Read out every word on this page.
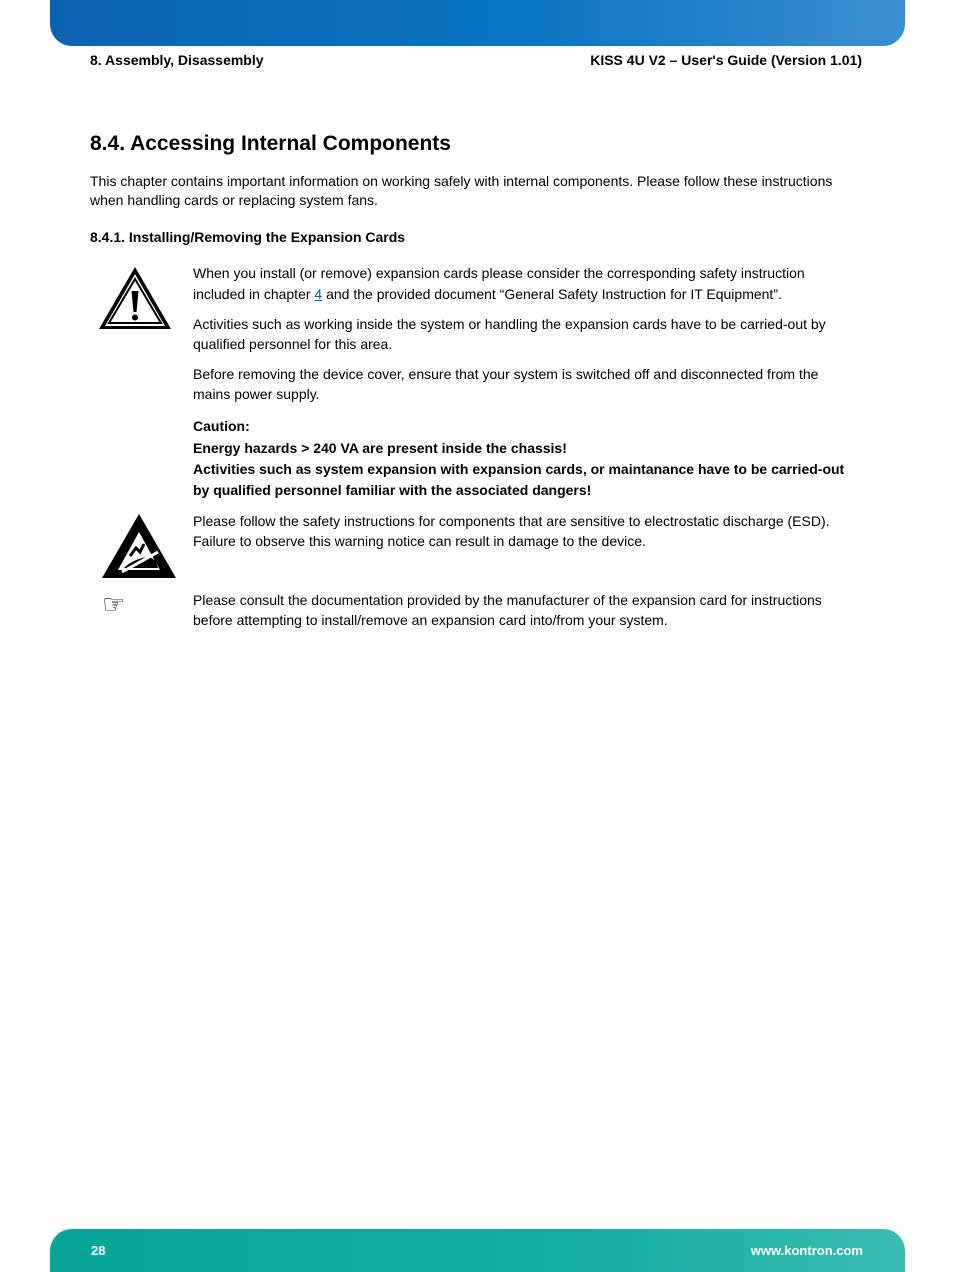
8. Assembly, Disassembly	KISS 4U V2 – User's Guide (Version 1.01)
8.4. Accessing Internal Components

This chapter contains important information on working safely with internal components. Please follow these instructions when handling cards or replacing system fans.

8.4.1. Installing/Removing the Expansion Cards
When you install (or remove) expansion cards please consider the corresponding safety instruction included in chapter 4 and the provided document “General Safety Instruction for IT Equipment”.

Activities such as working inside the system or handling the expansion cards have to be carried-out by qualified personnel for this area.

Before removing the device cover, ensure that your system is switched off and disconnected from the mains power supply.

Caution:
Energy hazards > 240 VA are present inside the chassis!
Activities such as system expansion with expansion cards, or maintanance have to be carried-out by qualified personnel familiar with the associated dangers!

Please follow the safety instructions for components that are sensitive to electrostatic discharge (ESD). Failure to observe this warning notice can result in damage to the device.

☞	Please consult the documentation provided by the manufacturer of the expansion card for instructions before attempting to install/remove an expansion card into/from your system.

28	www.kontron.com
